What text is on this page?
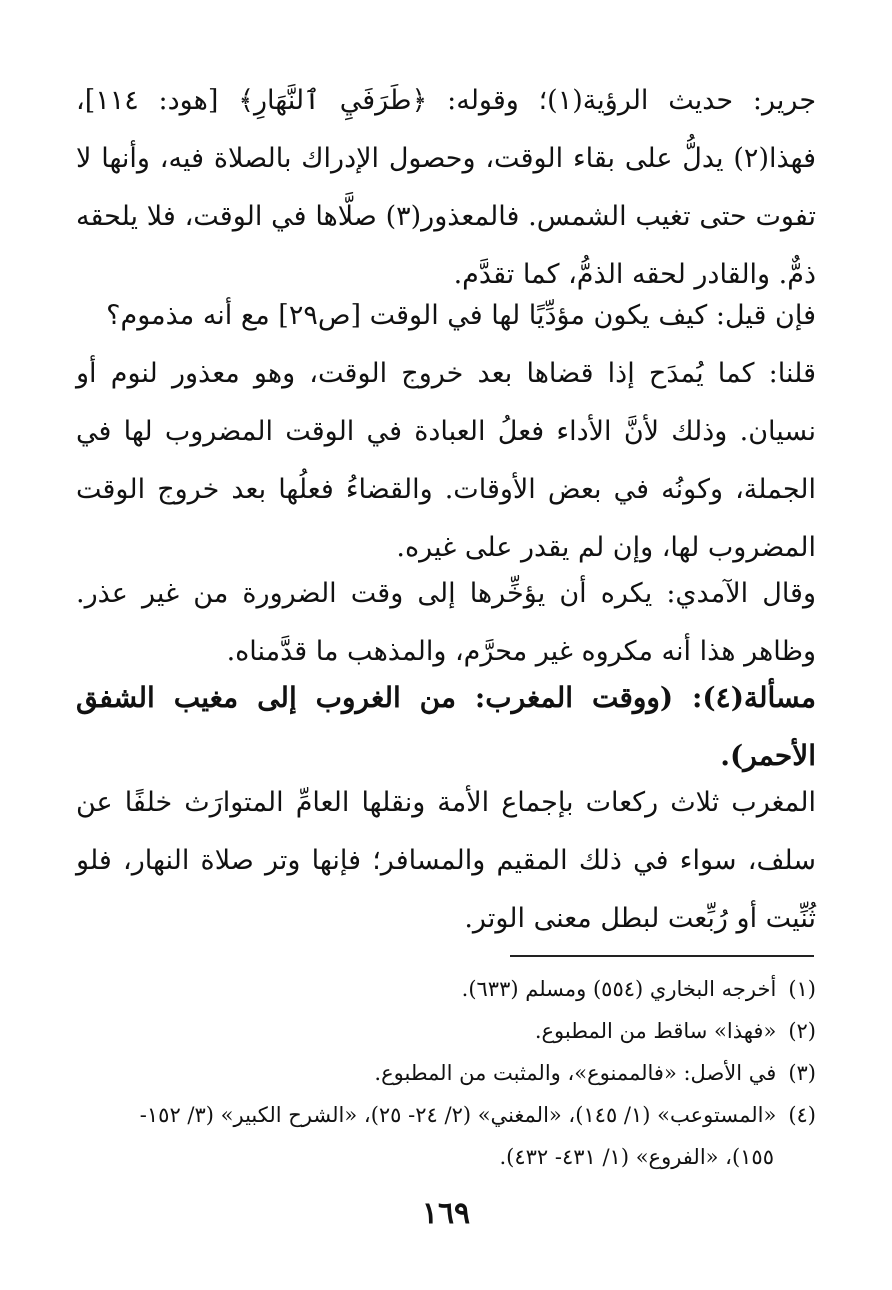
جرير: حديث الرؤية(١)؛ وقوله: ﴿طَرَفَيِ ٱلنَّهَارِ﴾ [هود: ١١٤]، فهذا(٢) يدلُّ على بقاء الوقت، وحصول الإدراك بالصلاة فيه، وأنها لا تفوت حتى تغيب الشمس. فالمعذور(٣) صلَّاها في الوقت، فلا يلحقه ذمٌّ. والقادر لحقه الذمُّ، كما تقدَّم.
فإن قيل: كيف يكون مؤدِّيًا لها في الوقت [ص٢٩] مع أنه مذموم؟
قلنا: كما يُمدَح إذا قضاها بعد خروج الوقت، وهو معذور لنوم أو نسيان. وذلك لأنَّ الأداء فعلُ العبادة في الوقت المضروب لها في الجملة، وكونُه في بعض الأوقات. والقضاءُ فعلُها بعد خروج الوقت المضروب لها، وإن لم يقدر على غيره.
وقال الآمدي: يكره أن يؤخِّرها إلى وقت الضرورة من غير عذر. وظاهر هذا أنه مكروه غير محرَّم، والمذهب ما قدَّمناه.
مسألة(٤): (ووقت المغرب: من الغروب إلى مغيب الشفق الأحمر).
المغرب ثلاث ركعات بإجماع الأمة ونقلها العامِّ المتوارَث خلفًا عن سلف، سواء في ذلك المقيم والمسافر؛ فإنها وتر صلاة النهار، فلو ثُنِّيت أو رُبِّعت لبطل معنى الوتر.
(١)أخرجه البخاري (٥٥٤) ومسلم (٦٣٣).
(٢)«فهذا» ساقط من المطبوع.
(٣)في الأصل: «فالممنوع»، والمثبت من المطبوع.
(٤)«المستوعب» (١/ ١٤٥)، «المغني» (٢/ ٢٤- ٢٥)، «الشرح الكبير» (٣/ ١٥٢-
١٥٥)، «الفروع» (١/ ٤٣١- ٤٣٢).
١٦٩
